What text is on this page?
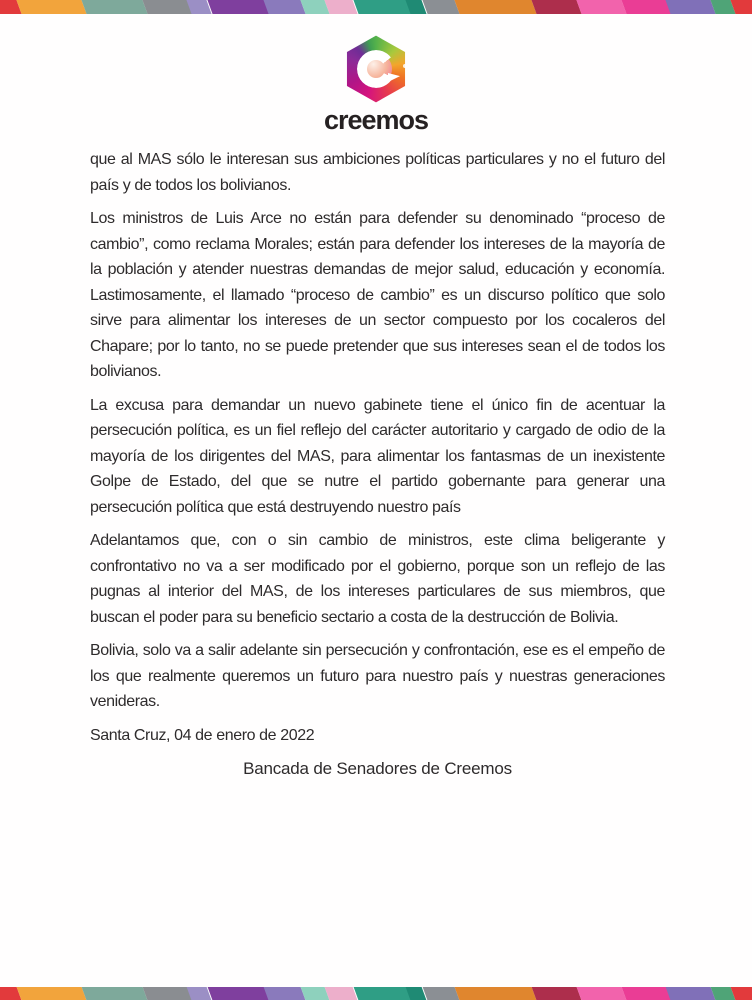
creemos

que al MAS sólo le interesan sus ambiciones políticas particulares y no el futuro del país y de todos los bolivianos.

Los ministros de Luis Arce no están para defender su denominado “proceso de cambio”, como reclama Morales; están para defender los intereses de la mayoría de la población y atender nuestras demandas de mejor salud, educación y economía. Lastimosamente, el llamado “proceso de cambio” es un discurso político que solo sirve para alimentar los intereses de un sector compuesto por los cocaleros del Chapare; por lo tanto, no se puede pretender que sus intereses sean el de todos los bolivianos.

La excusa para demandar un nuevo gabinete tiene el único fin de acentuar la persecución política, es un fiel reflejo del carácter autoritario y cargado de odio de la mayoría de los dirigentes del MAS, para alimentar los fantasmas de un inexistente Golpe de Estado, del que se nutre el partido gobernante para generar una persecución política que está destruyendo nuestro país

Adelantamos que, con o sin cambio de ministros, este clima beligerante y confrontativo no va a ser modificado por el gobierno, porque son un reflejo de las pugnas al interior del MAS, de los intereses particulares de sus miembros, que buscan el poder para su beneficio sectario a costa de la destrucción de Bolivia.

Bolivia, solo va a salir adelante sin persecución y confrontación, ese es el empeño de los que realmente queremos un futuro para nuestro país y nuestras generaciones venideras.

Santa Cruz, 04 de enero de 2022

Bancada de Senadores de Creemos
